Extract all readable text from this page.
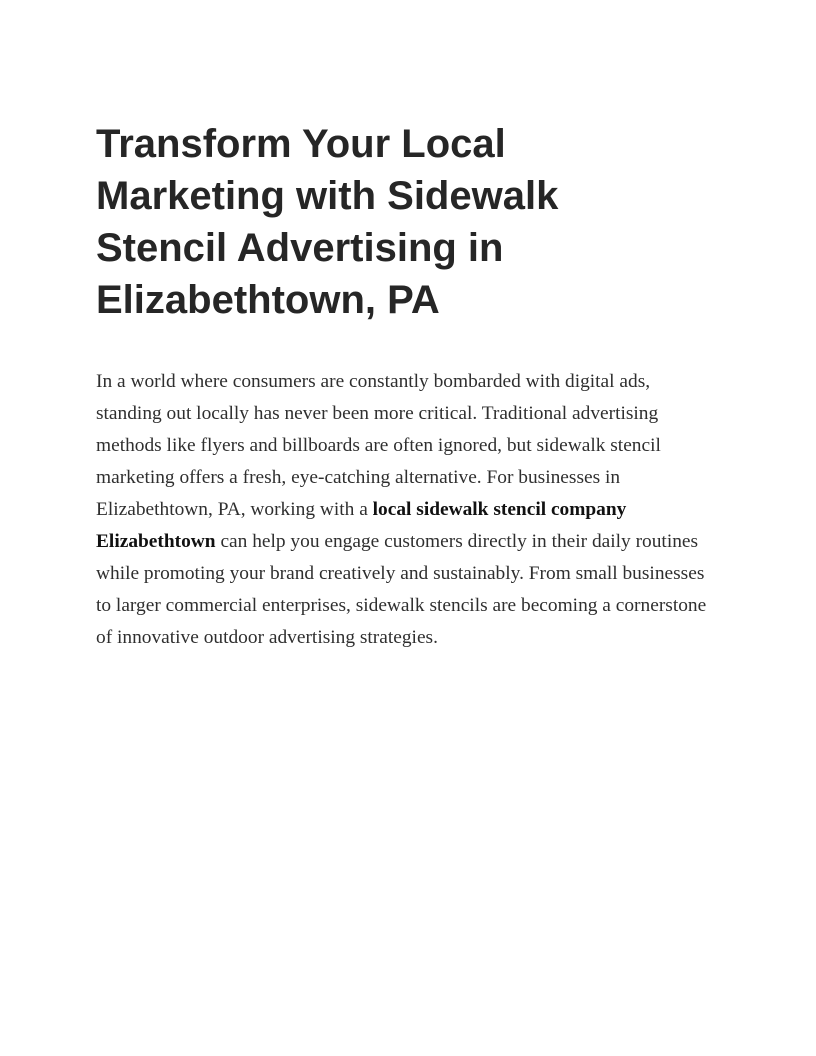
Transform Your Local Marketing with Sidewalk Stencil Advertising in Elizabethtown, PA

In a world where consumers are constantly bombarded with digital ads, standing out locally has never been more critical. Traditional advertising methods like flyers and billboards are often ignored, but sidewalk stencil marketing offers a fresh, eye-catching alternative. For businesses in Elizabethtown, PA, working with a local sidewalk stencil company Elizabethtown can help you engage customers directly in their daily routines while promoting your brand creatively and sustainably. From small businesses to larger commercial enterprises, sidewalk stencils are becoming a cornerstone of innovative outdoor advertising strategies.
